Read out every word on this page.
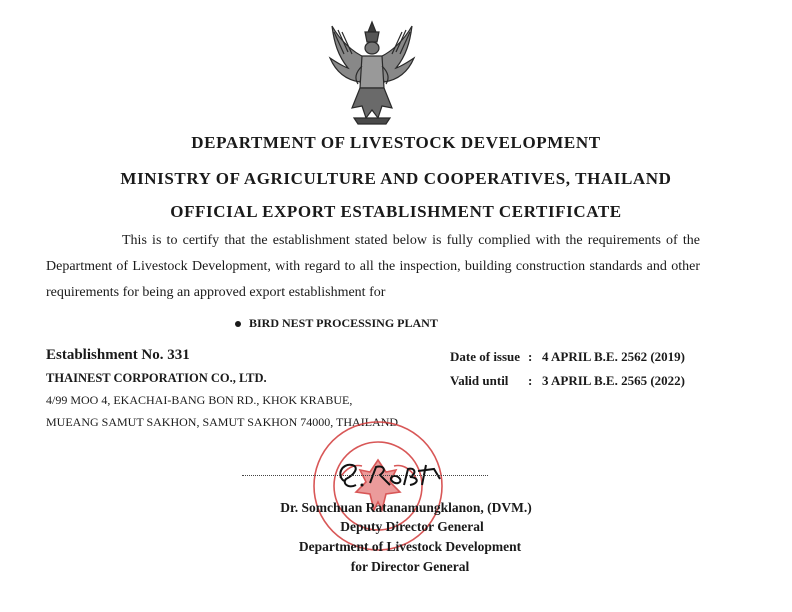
DEPARTMENT OF LIVESTOCK DEVELOPMENT
MINISTRY OF AGRICULTURE AND COOPERATIVES, THAILAND
OFFICIAL EXPORT ESTABLISHMENT CERTIFICATE
This is to certify that the establishment stated below is fully complied with the requirements of the
Department of Livestock Development, with regard to all the inspection, building construction standards and other
requirements for being an approved export establishment for
BIRD NEST PROCESSING PLANT
Establishment No. 331
THAINEST CORPORATION CO., LTD.
4/99 MOO 4, EKACHAI-BANG BON RD., KHOK KRABUE,
MUEANG SAMUT SAKHON, SAMUT SAKHON 74000, THAILAND
Date of issue : 4 APRIL B.E. 2562 (2019)
Valid until	: 3 APRIL B.E. 2565 (2022)
Dr. Somchuan Ratanamungklanon, (DVM.)
Deputy Director General
Department of Livestock Development
for Director General
